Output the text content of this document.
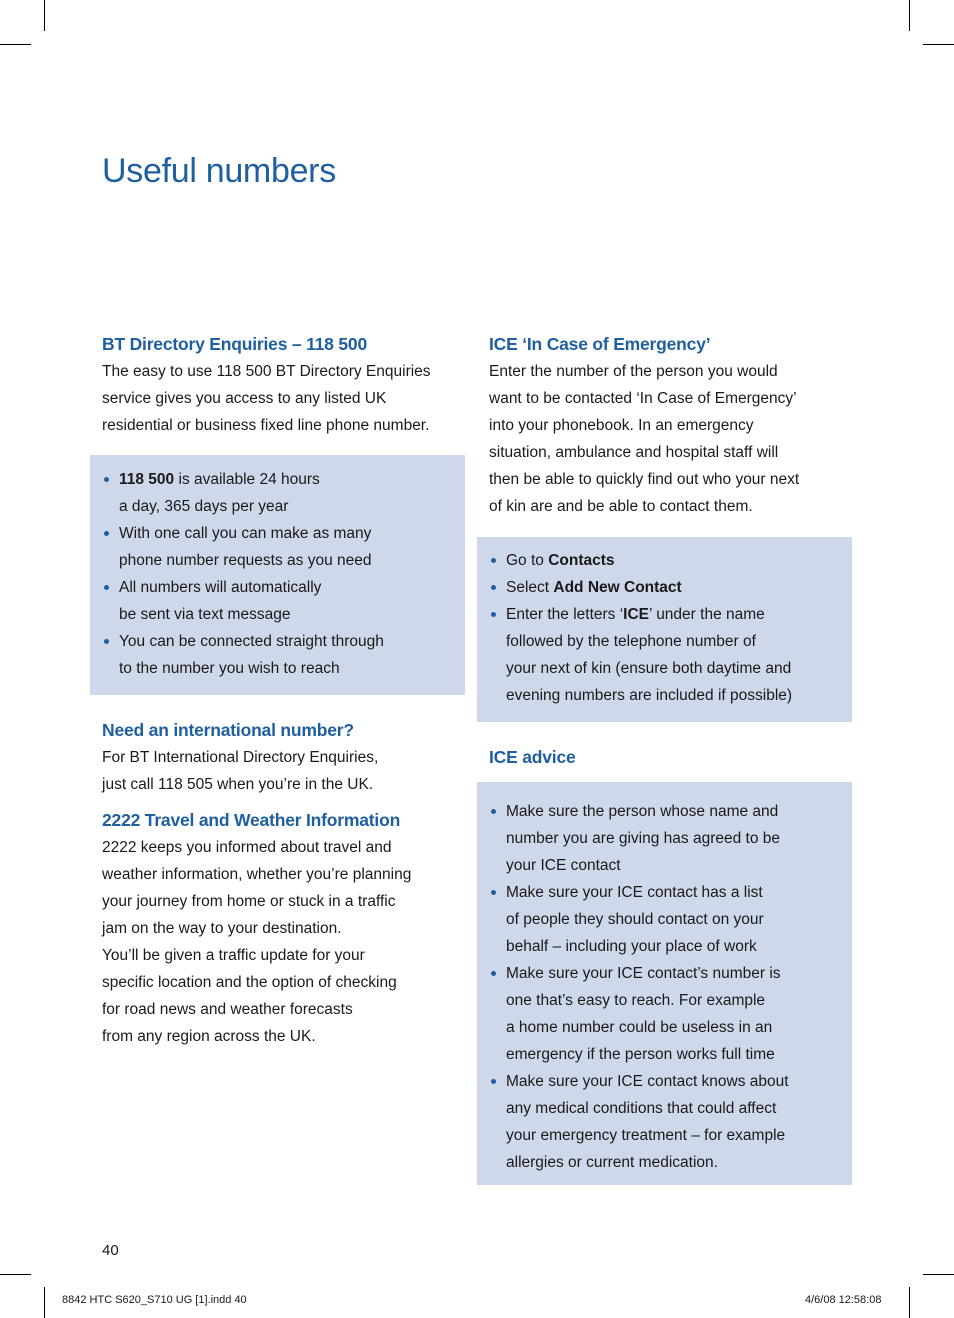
Useful numbers
BT Directory Enquiries – 118 500

The easy to use 118 500 BT Directory Enquiries
service gives you access to any listed UK
residential or business fixed line phone number.

118 500 is available 24 hours
a day, 365 days per year
With one call you can make as many
phone number requests as you need
All numbers will automatically
be sent via text message
You can be connected straight through
to the number you wish to reach
Need an international number?

For BT International Directory Enquiries,
just call 118 505 when you’re in the UK.

2222 Travel and Weather Information

2222 keeps you informed about travel and
weather information, whether you’re planning
your journey from home or stuck in a traffic
jam on the way to your destination.
You’ll be given a traffic update for your
specific location and the option of checking
for road news and weather forecasts
from any region across the UK.

ICE ‘In Case of Emergency’

Enter the number of the person you would
want to be contacted ‘In Case of Emergency’
into your phonebook. In an emergency
situation, ambulance and hospital staff will
then be able to quickly find out who your next
of kin are and be able to contact them.

Go to Contacts
Select Add New Contact
Enter the letters ‘ICE’ under the name
followed by the telephone number of
your next of kin (ensure both daytime and
evening numbers are included if possible)
ICE advice
Make sure the person whose name and
number you are giving has agreed to be
your ICE contact
Make sure your ICE contact has a list
of people they should contact on your
behalf – including your place of work
Make sure your ICE contact’s number is
one that’s easy to reach. For example
a home number could be useless in an
emergency if the person works full time
Make sure your ICE contact knows about
any medical conditions that could affect
your emergency treatment – for example
allergies or current medication.
40
8842 HTC S620_S710 UG [1].indd 40	4/6/08 12:58:08
